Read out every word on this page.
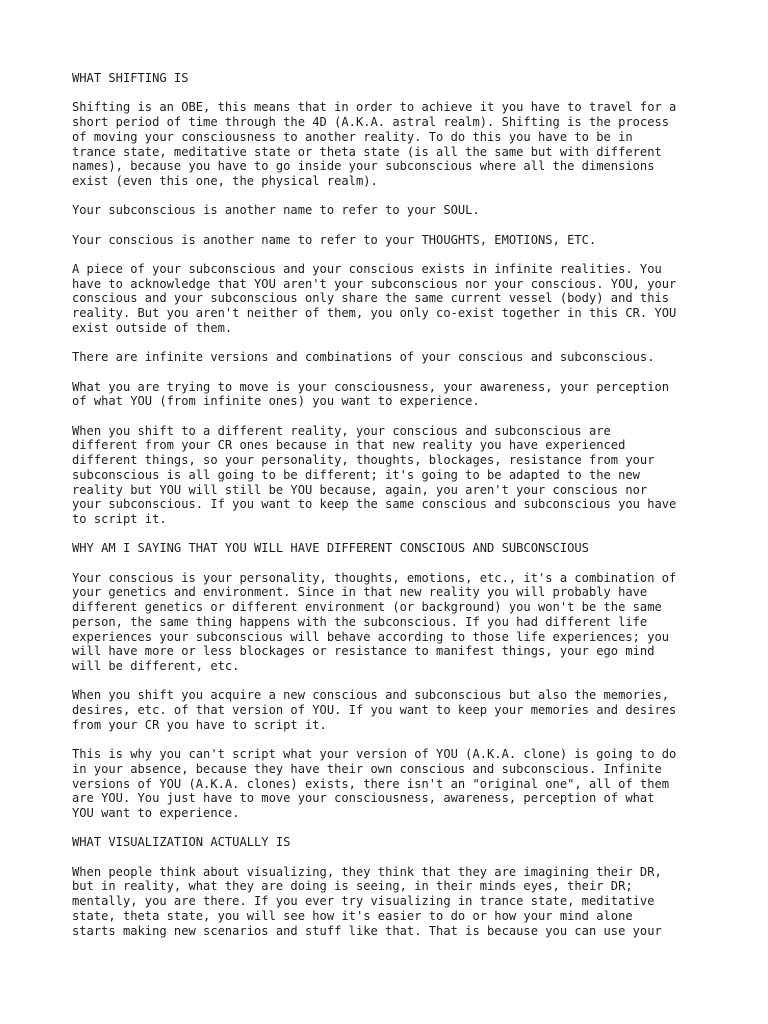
WHAT SHIFTING IS

Shifting is an OBE, this means that in order to achieve it you have to travel for a
short period of time through the 4D (A.K.A. astral realm). Shifting is the process
of moving your consciousness to another reality. To do this you have to be in
trance state, meditative state or theta state (is all the same but with different
names), because you have to go inside your subconscious where all the dimensions
exist (even this one, the physical realm).

Your subconscious is another name to refer to your SOUL.

Your conscious is another name to refer to your THOUGHTS, EMOTIONS, ETC.

A piece of your subconscious and your conscious exists in infinite realities. You
have to acknowledge that YOU aren't your subconscious nor your conscious. YOU, your
conscious and your subconscious only share the same current vessel (body) and this
reality. But you aren't neither of them, you only co-exist together in this CR. YOU
exist outside of them.

There are infinite versions and combinations of your conscious and subconscious.

What you are trying to move is your consciousness, your awareness, your perception
of what YOU (from infinite ones) you want to experience.

When you shift to a different reality, your conscious and subconscious are
different from your CR ones because in that new reality you have experienced
different things, so your personality, thoughts, blockages, resistance from your
subconscious is all going to be different; it's going to be adapted to the new
reality but YOU will still be YOU because, again, you aren't your conscious nor
your subconscious. If you want to keep the same conscious and subconscious you have
to script it.

WHY AM I SAYING THAT YOU WILL HAVE DIFFERENT CONSCIOUS AND SUBCONSCIOUS

Your conscious is your personality, thoughts, emotions, etc., it's a combination of
your genetics and environment. Since in that new reality you will probably have
different genetics or different environment (or background) you won't be the same
person, the same thing happens with the subconscious. If you had different life
experiences your subconscious will behave according to those life experiences; you
will have more or less blockages or resistance to manifest things, your ego mind
will be different, etc.

When you shift you acquire a new conscious and subconscious but also the memories,
desires, etc. of that version of YOU. If you want to keep your memories and desires
from your CR you have to script it.

This is why you can't script what your version of YOU (A.K.A. clone) is going to do
in your absence, because they have their own conscious and subconscious. Infinite
versions of YOU (A.K.A. clones) exists, there isn't an "original one", all of them
are YOU. You just have to move your consciousness, awareness, perception of what
YOU want to experience.

WHAT VISUALIZATION ACTUALLY IS

When people think about visualizing, they think that they are imagining their DR,
but in reality, what they are doing is seeing, in their minds eyes, their DR;
mentally, you are there. If you ever try visualizing in trance state, meditative
state, theta state, you will see how it's easier to do or how your mind alone
starts making new scenarios and stuff like that. That is because you can use your
